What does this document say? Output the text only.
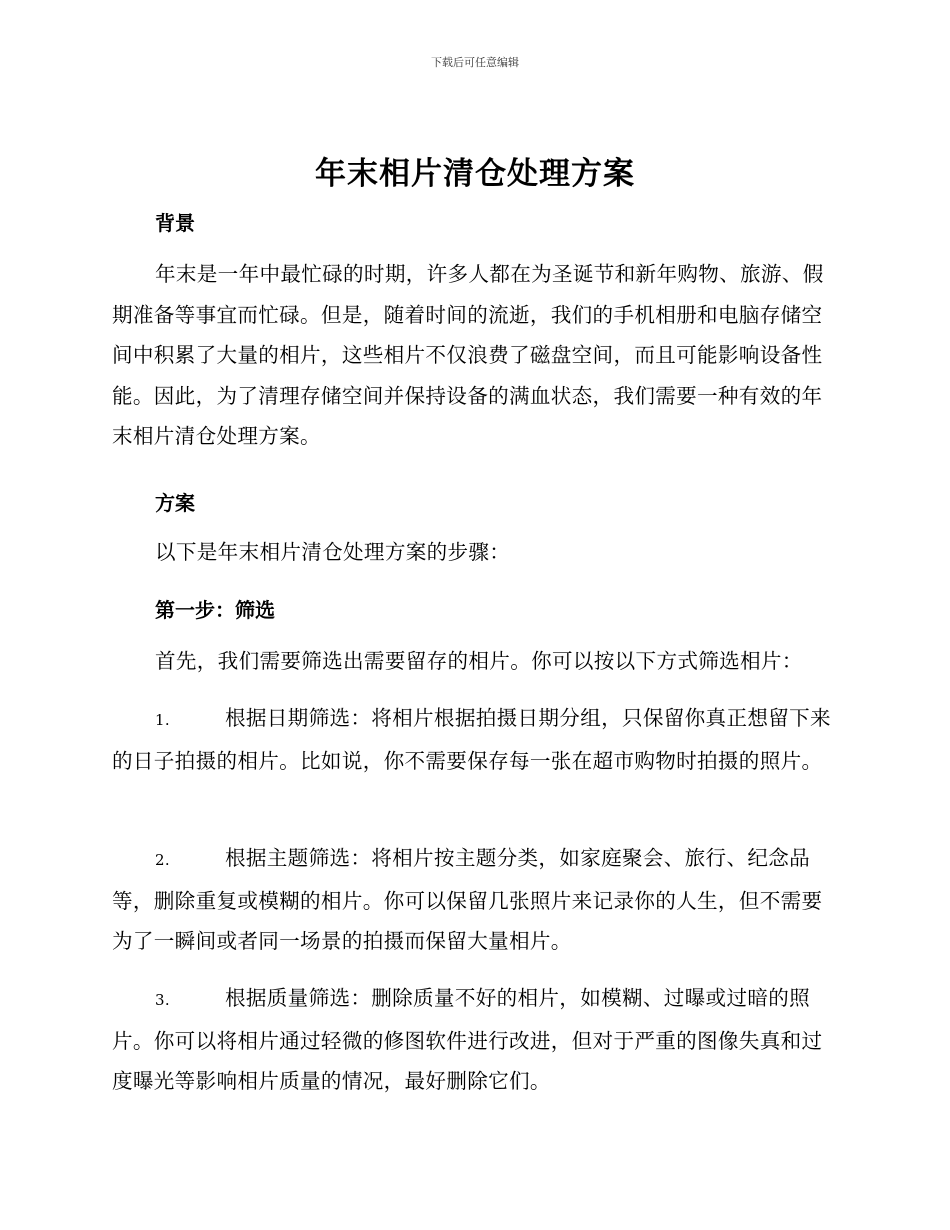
下载后可任意编辑
年末相片清仓处理方案
背景

年末是一年中最忙碌的时期，许多人都在为圣诞节和新年购物、旅游、假期准备等事宜而忙碌。但是，随着时间的流逝，我们的手机相册和电脑存储空间中积累了大量的相片，这些相片不仅浪费了磁盘空间，而且可能影响设备性能。因此，为了清理存储空间并保持设备的满血状态，我们需要一种有效的年末相片清仓处理方案。

方案

以下是年末相片清仓处理方案的步骤：

第一步：筛选

首先，我们需要筛选出需要留存的相片。你可以按以下方式筛选相片：

1.	根据日期筛选：将相片根据拍摄日期分组，只保留你真正想留下来的日子拍摄的相片。比如说，你不需要保存每一张在超市购物时拍摄的照片。

2.	根据主题筛选：将相片按主题分类，如家庭聚会、旅行、纪念品等，删除重复或模糊的相片。你可以保留几张照片来记录你的人生，但不需要为了一瞬间或者同一场景的拍摄而保留大量相片。

3.	根据质量筛选：删除质量不好的相片，如模糊、过曝或过暗的照片。你可以将相片通过轻微的修图软件进行改进，但对于严重的图像失真和过度曝光等影响相片质量的情况，最好删除它们。
